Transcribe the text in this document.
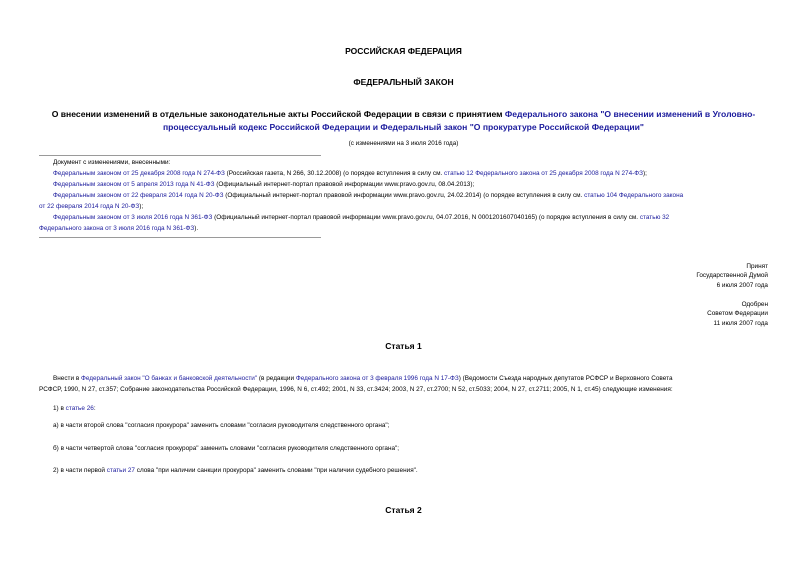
РОССИЙСКАЯ ФЕДЕРАЦИЯ
ФЕДЕРАЛЬНЫЙ ЗАКОН
О внесении изменений в отдельные законодательные акты Российской Федерации в связи с принятием Федерального закона "О внесении изменений в Уголовно-
процессуальный кодекс Российской Федерации и Федеральный закон "О прокуратуре Российской Федерации"
(с изменениями на 3 июля 2016 года)
Документ с изменениями, внесенными:
Федеральным законом от 25 декабря 2008 года N 274-ФЗ (Российская газета, N 266, 30.12.2008) (о порядке вступления в силу см. статью 12 Федерального закона от 25 декабря 2008 года N 274-ФЗ);
Федеральным законом от 5 апреля 2013 года N 41-ФЗ (Официальный интернет-портал правовой информации www.pravo.gov.ru, 08.04.2013);
Федеральным законом от 22 февраля 2014 года N 20-ФЗ (Официальный интернет-портал правовой информации www.pravo.gov.ru, 24.02.2014) (о порядке вступления в силу см. статью 104 Федерального закона
от 22 февраля 2014 года N 20-ФЗ);
Федеральным законом от 3 июля 2016 года N 361-ФЗ (Официальный интернет-портал правовой информации www.pravo.gov.ru, 04.07.2016, N 0001201607040165) (о порядке вступления в силу см. статью 32
Федерального закона от 3 июля 2016 года N 361-ФЗ).
Принят
Государственной Думой
6 июля 2007 года
Одобрен
Советом Федерации
11 июля 2007 года
Статья 1
Внести в Федеральный закон "О банках и банковской деятельности" (в редакции Федерального закона от 3 февраля 1996 года N 17-ФЗ) (Ведомости Съезда народных депутатов РСФСР и Верховного Совета
РСФСР, 1990, N 27, ст.357; Собрание законодательства Российской Федерации, 1996, N 6, ст.492; 2001, N 33, ст.3424; 2003, N 27, ст.2700; N 52, ст.5033; 2004, N 27, ст.2711; 2005, N 1, ст.45) следующие изменения:
1) в статье 26:
а) в части второй слова "согласия прокурора" заменить словами "согласия руководителя следственного органа";
б) в части четвертой слова "согласия прокурора" заменить словами "согласия руководителя следственного органа";
2) в части первой статьи 27 слова "при наличии санкции прокурора" заменить словами "при наличии судебного решения".
Статья 2
